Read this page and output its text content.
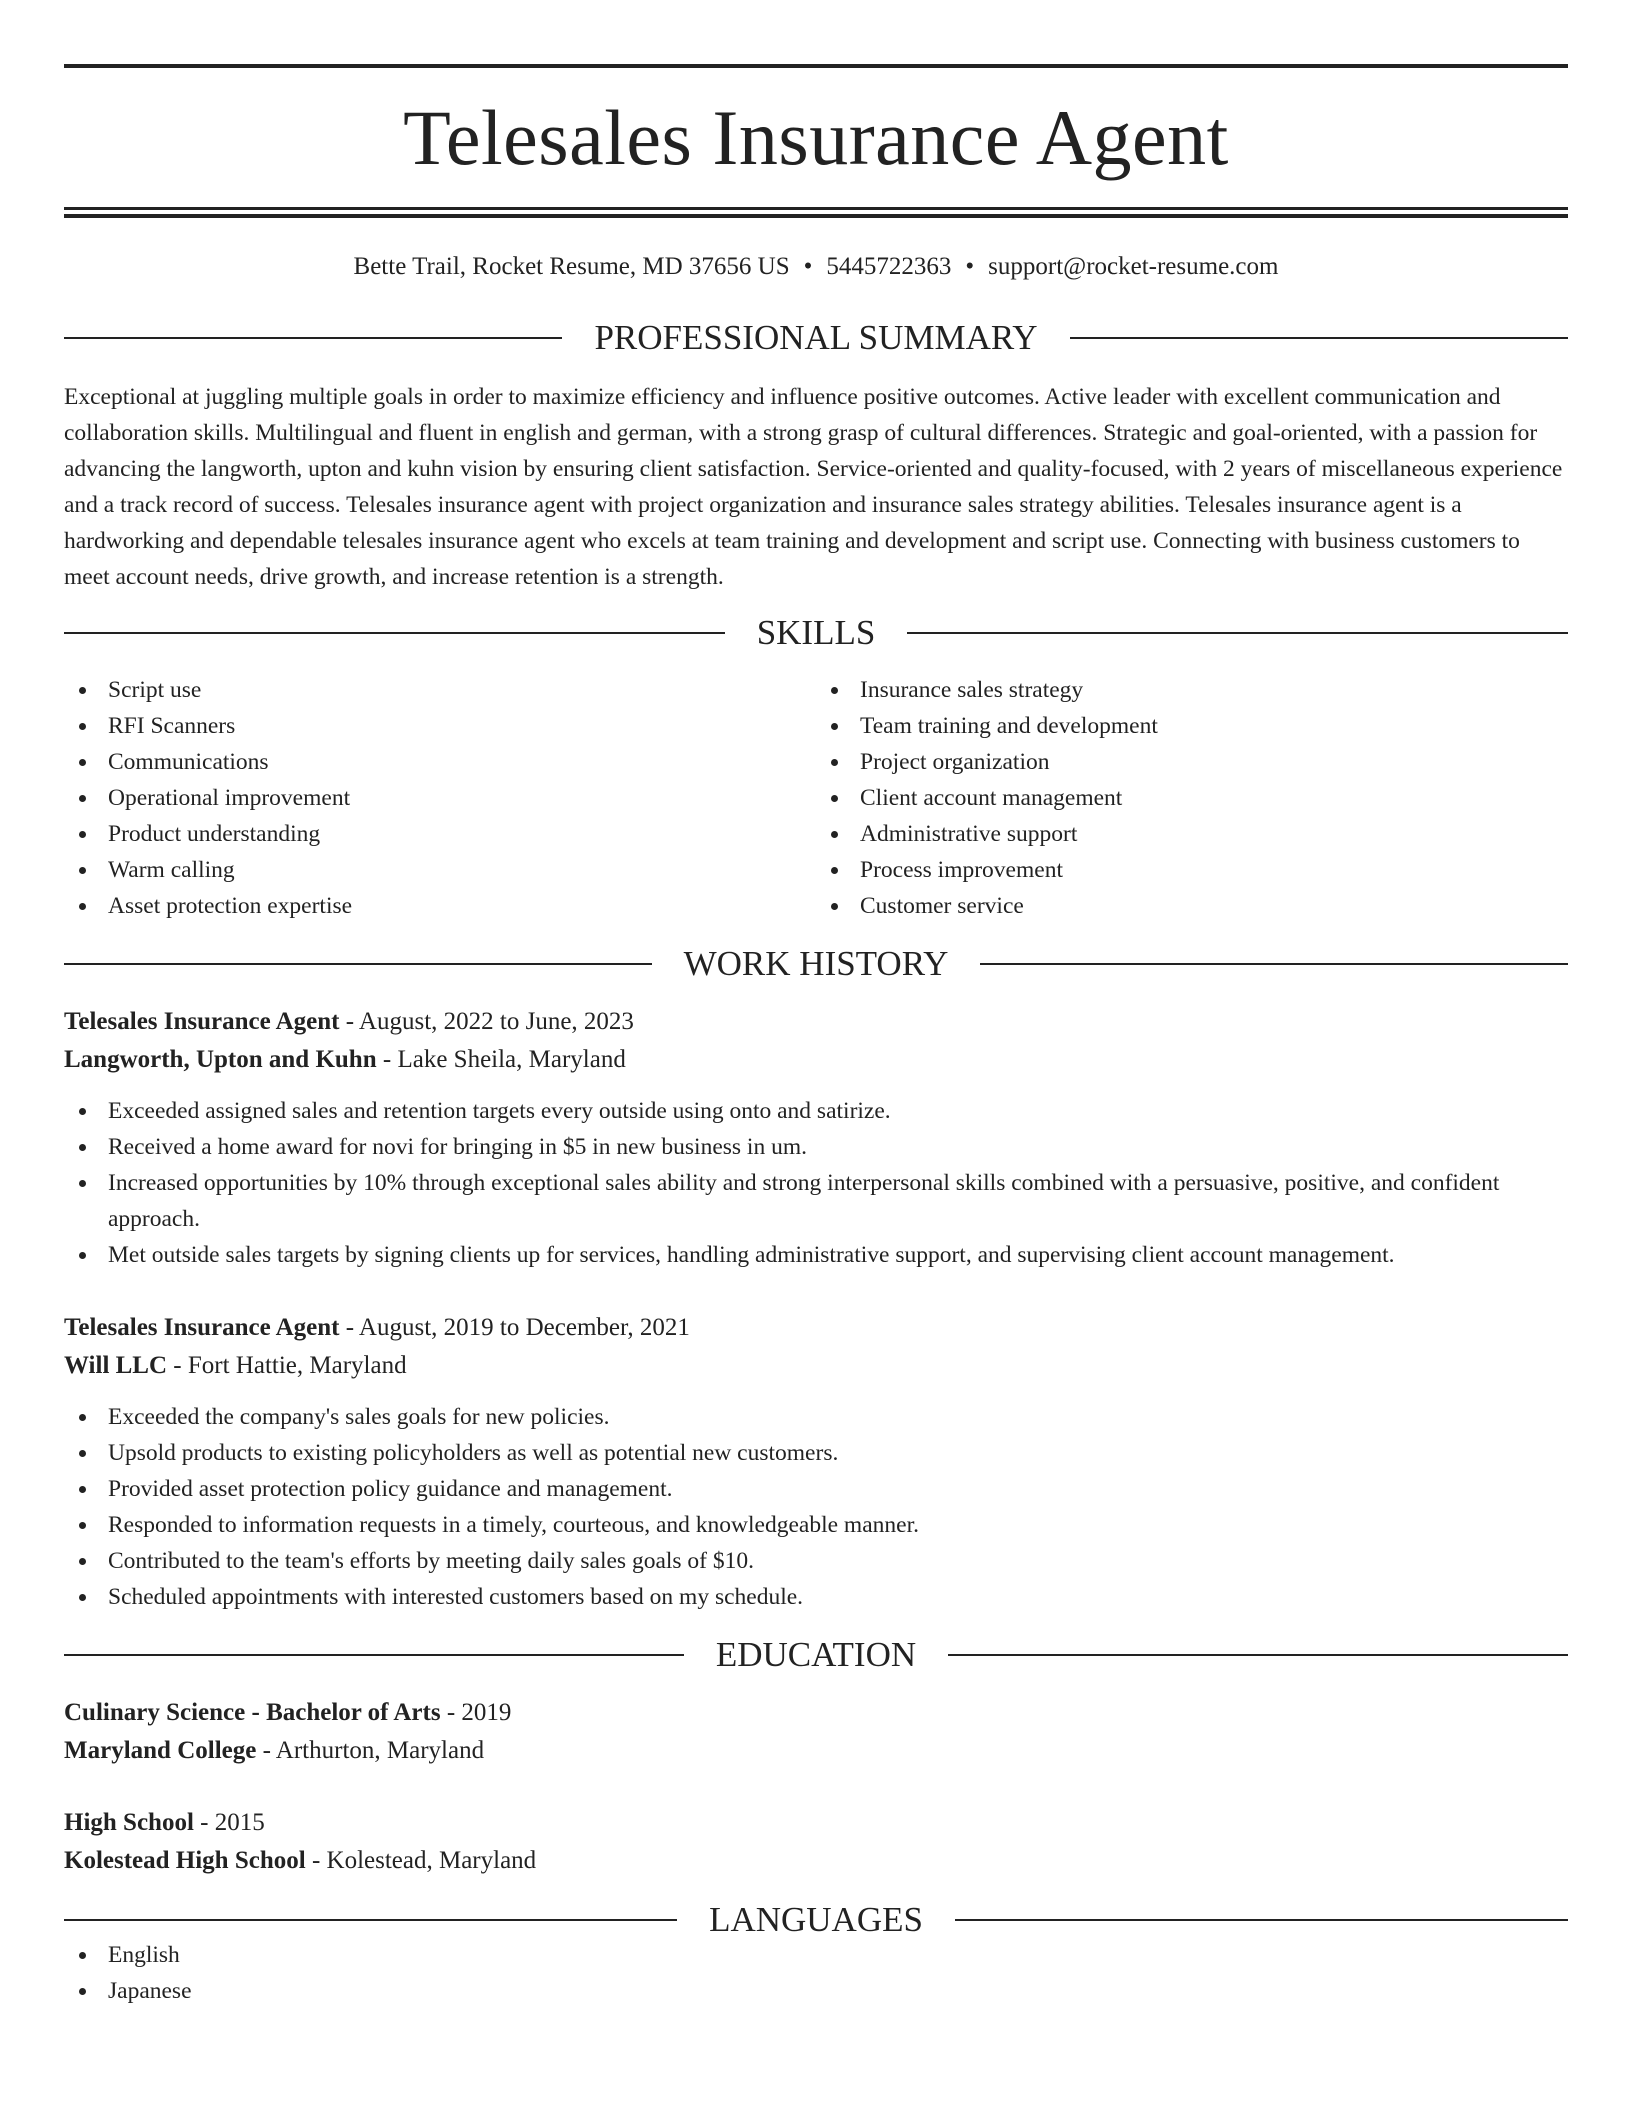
Telesales Insurance Agent
Bette Trail, Rocket Resume, MD 37656 US • 5445722363 • support@rocket-resume.com
PROFESSIONAL SUMMARY

Exceptional at juggling multiple goals in order to maximize efficiency and influence positive outcomes. Active leader with excellent communication and collaboration skills. Multilingual and fluent in english and german, with a strong grasp of cultural differences. Strategic and goal-oriented, with a passion for advancing the langworth, upton and kuhn vision by ensuring client satisfaction. Service-oriented and quality-focused, with 2 years of miscellaneous experience and a track record of success. Telesales insurance agent with project organization and insurance sales strategy abilities. Telesales insurance agent is a hardworking and dependable telesales insurance agent who excels at team training and development and script use. Connecting with business customers to meet account needs, drive growth, and increase retention is a strength.

SKILLS
Script use
RFI Scanners
Communications
Operational improvement
Product understanding
Warm calling
Asset protection expertise
Insurance sales strategy
Team training and development
Project organization
Client account management
Administrative support
Process improvement
Customer service
WORK HISTORY
Telesales Insurance Agent - August, 2022 to June, 2023
Langworth, Upton and Kuhn - Lake Sheila, Maryland
Exceeded assigned sales and retention targets every outside using onto and satirize.
Received a home award for novi for bringing in $5 in new business in um.
Increased opportunities by 10% through exceptional sales ability and strong interpersonal skills combined with a persuasive, positive, and confident approach.
Met outside sales targets by signing clients up for services, handling administrative support, and supervising client account management.
Telesales Insurance Agent - August, 2019 to December, 2021
Will LLC - Fort Hattie, Maryland
Exceeded the company's sales goals for new policies.
Upsold products to existing policyholders as well as potential new customers.
Provided asset protection policy guidance and management.
Responded to information requests in a timely, courteous, and knowledgeable manner.
Contributed to the team's efforts by meeting daily sales goals of $10.
Scheduled appointments with interested customers based on my schedule.
EDUCATION
Culinary Science - Bachelor of Arts - 2019
Maryland College - Arthurton, Maryland
High School - 2015
Kolestead High School - Kolestead, Maryland
LANGUAGES
English
Japanese
